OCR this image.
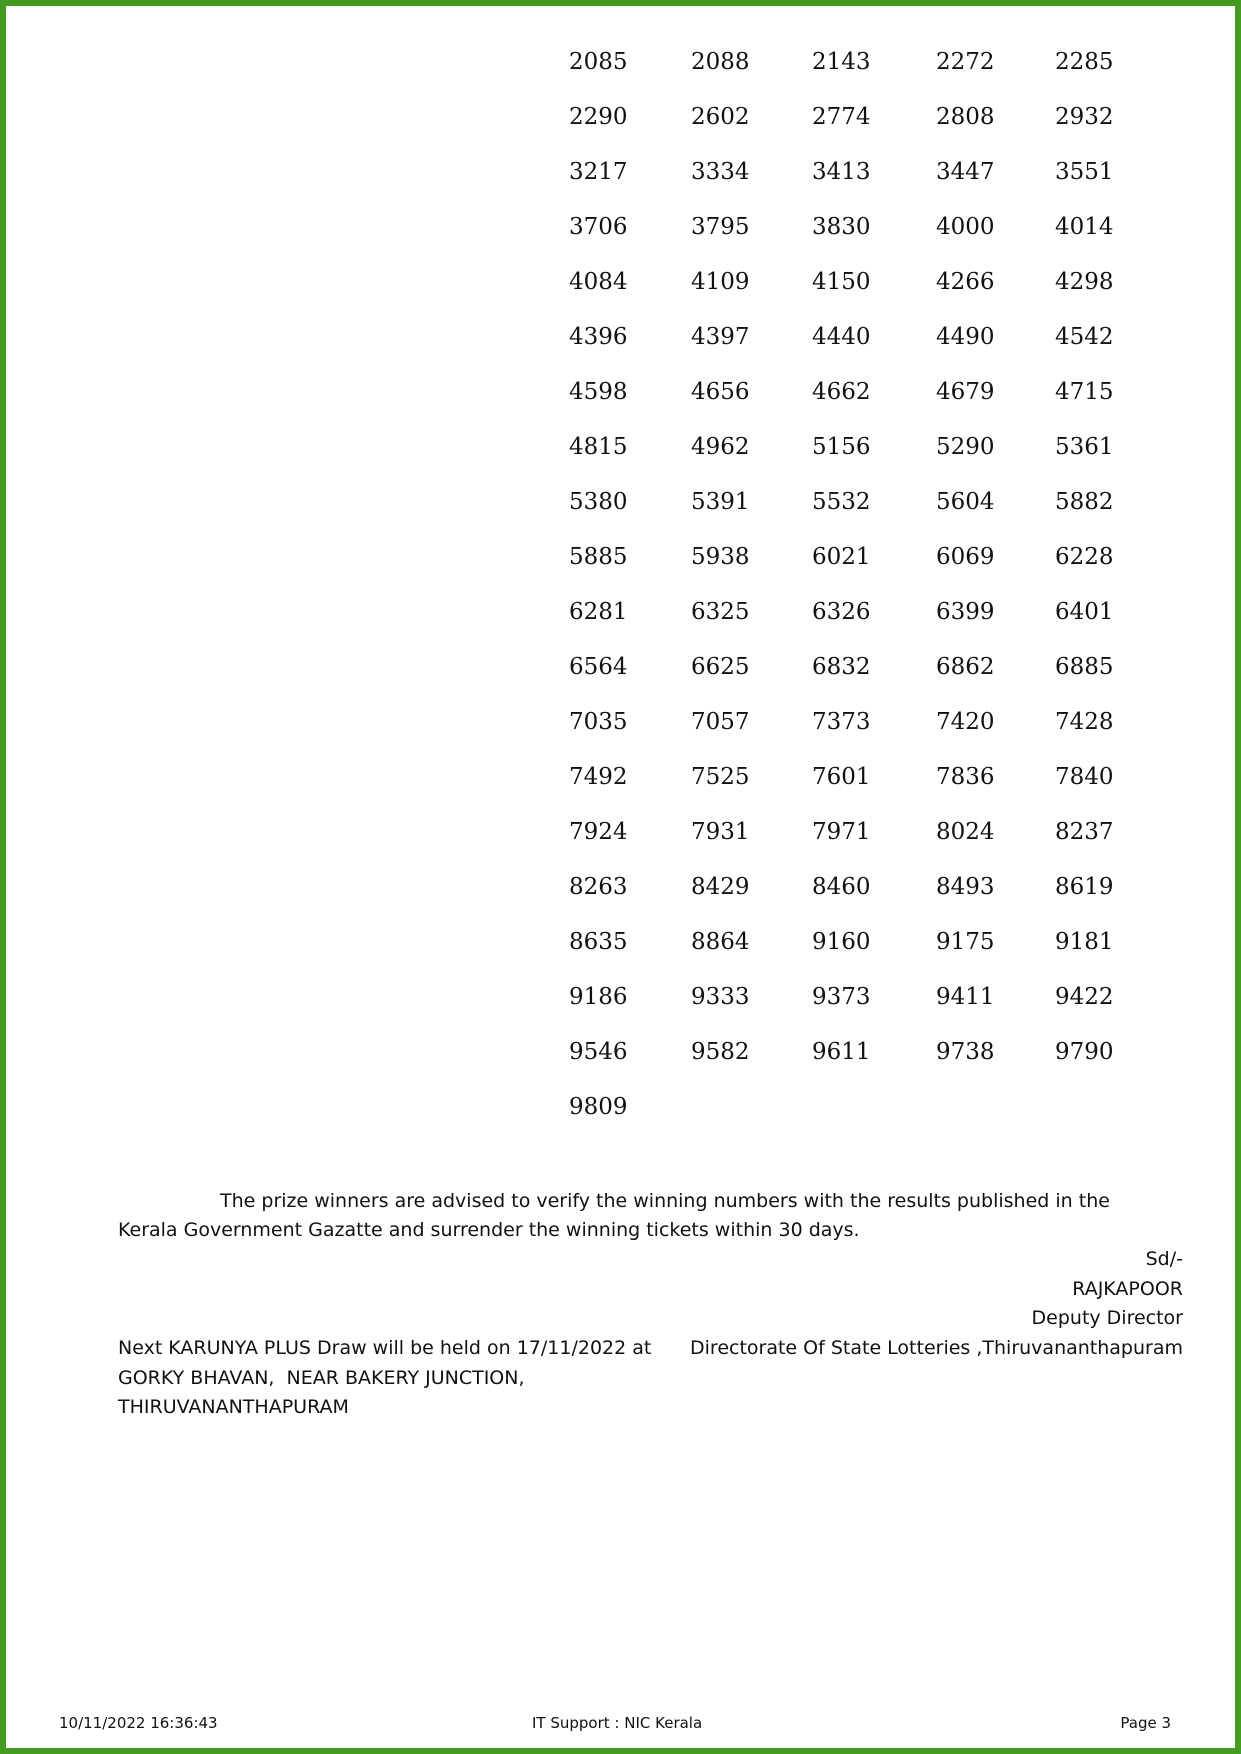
2085	2088	2143	2272	2285
2290	2602	2774	2808	2932
3217	3334	3413	3447	3551
3706	3795	3830	4000	4014
4084	4109	4150	4266	4298
4396	4397	4440	4490	4542
4598	4656	4662	4679	4715
4815	4962	5156	5290	5361
5380	5391	5532	5604	5882
5885	5938	6021	6069	6228
6281	6325	6326	6399	6401
6564	6625	6832	6862	6885
7035	7057	7373	7420	7428
7492	7525	7601	7836	7840
7924	7931	7971	8024	8237
8263	8429	8460	8493	8619
8635	8864	9160	9175	9181
9186	9333	9373	9411	9422
9546	9582	9611	9738	9790
9809
The prize winners are advised to verify the winning numbers with the results published in the Kerala Government Gazatte and surrender the winning tickets within 30 days.
Sd/-
RAJKAPOOR
Deputy Director
Directorate Of State Lotteries ,Thiruvananthapuram
Next KARUNYA PLUS Draw will be held on 17/11/2022 at
GORKY BHAVAN,  NEAR BAKERY JUNCTION,
THIRUVANANTHAPURAM
10/11/2022 16:36:43	IT Support : NIC Kerala	Page 3
